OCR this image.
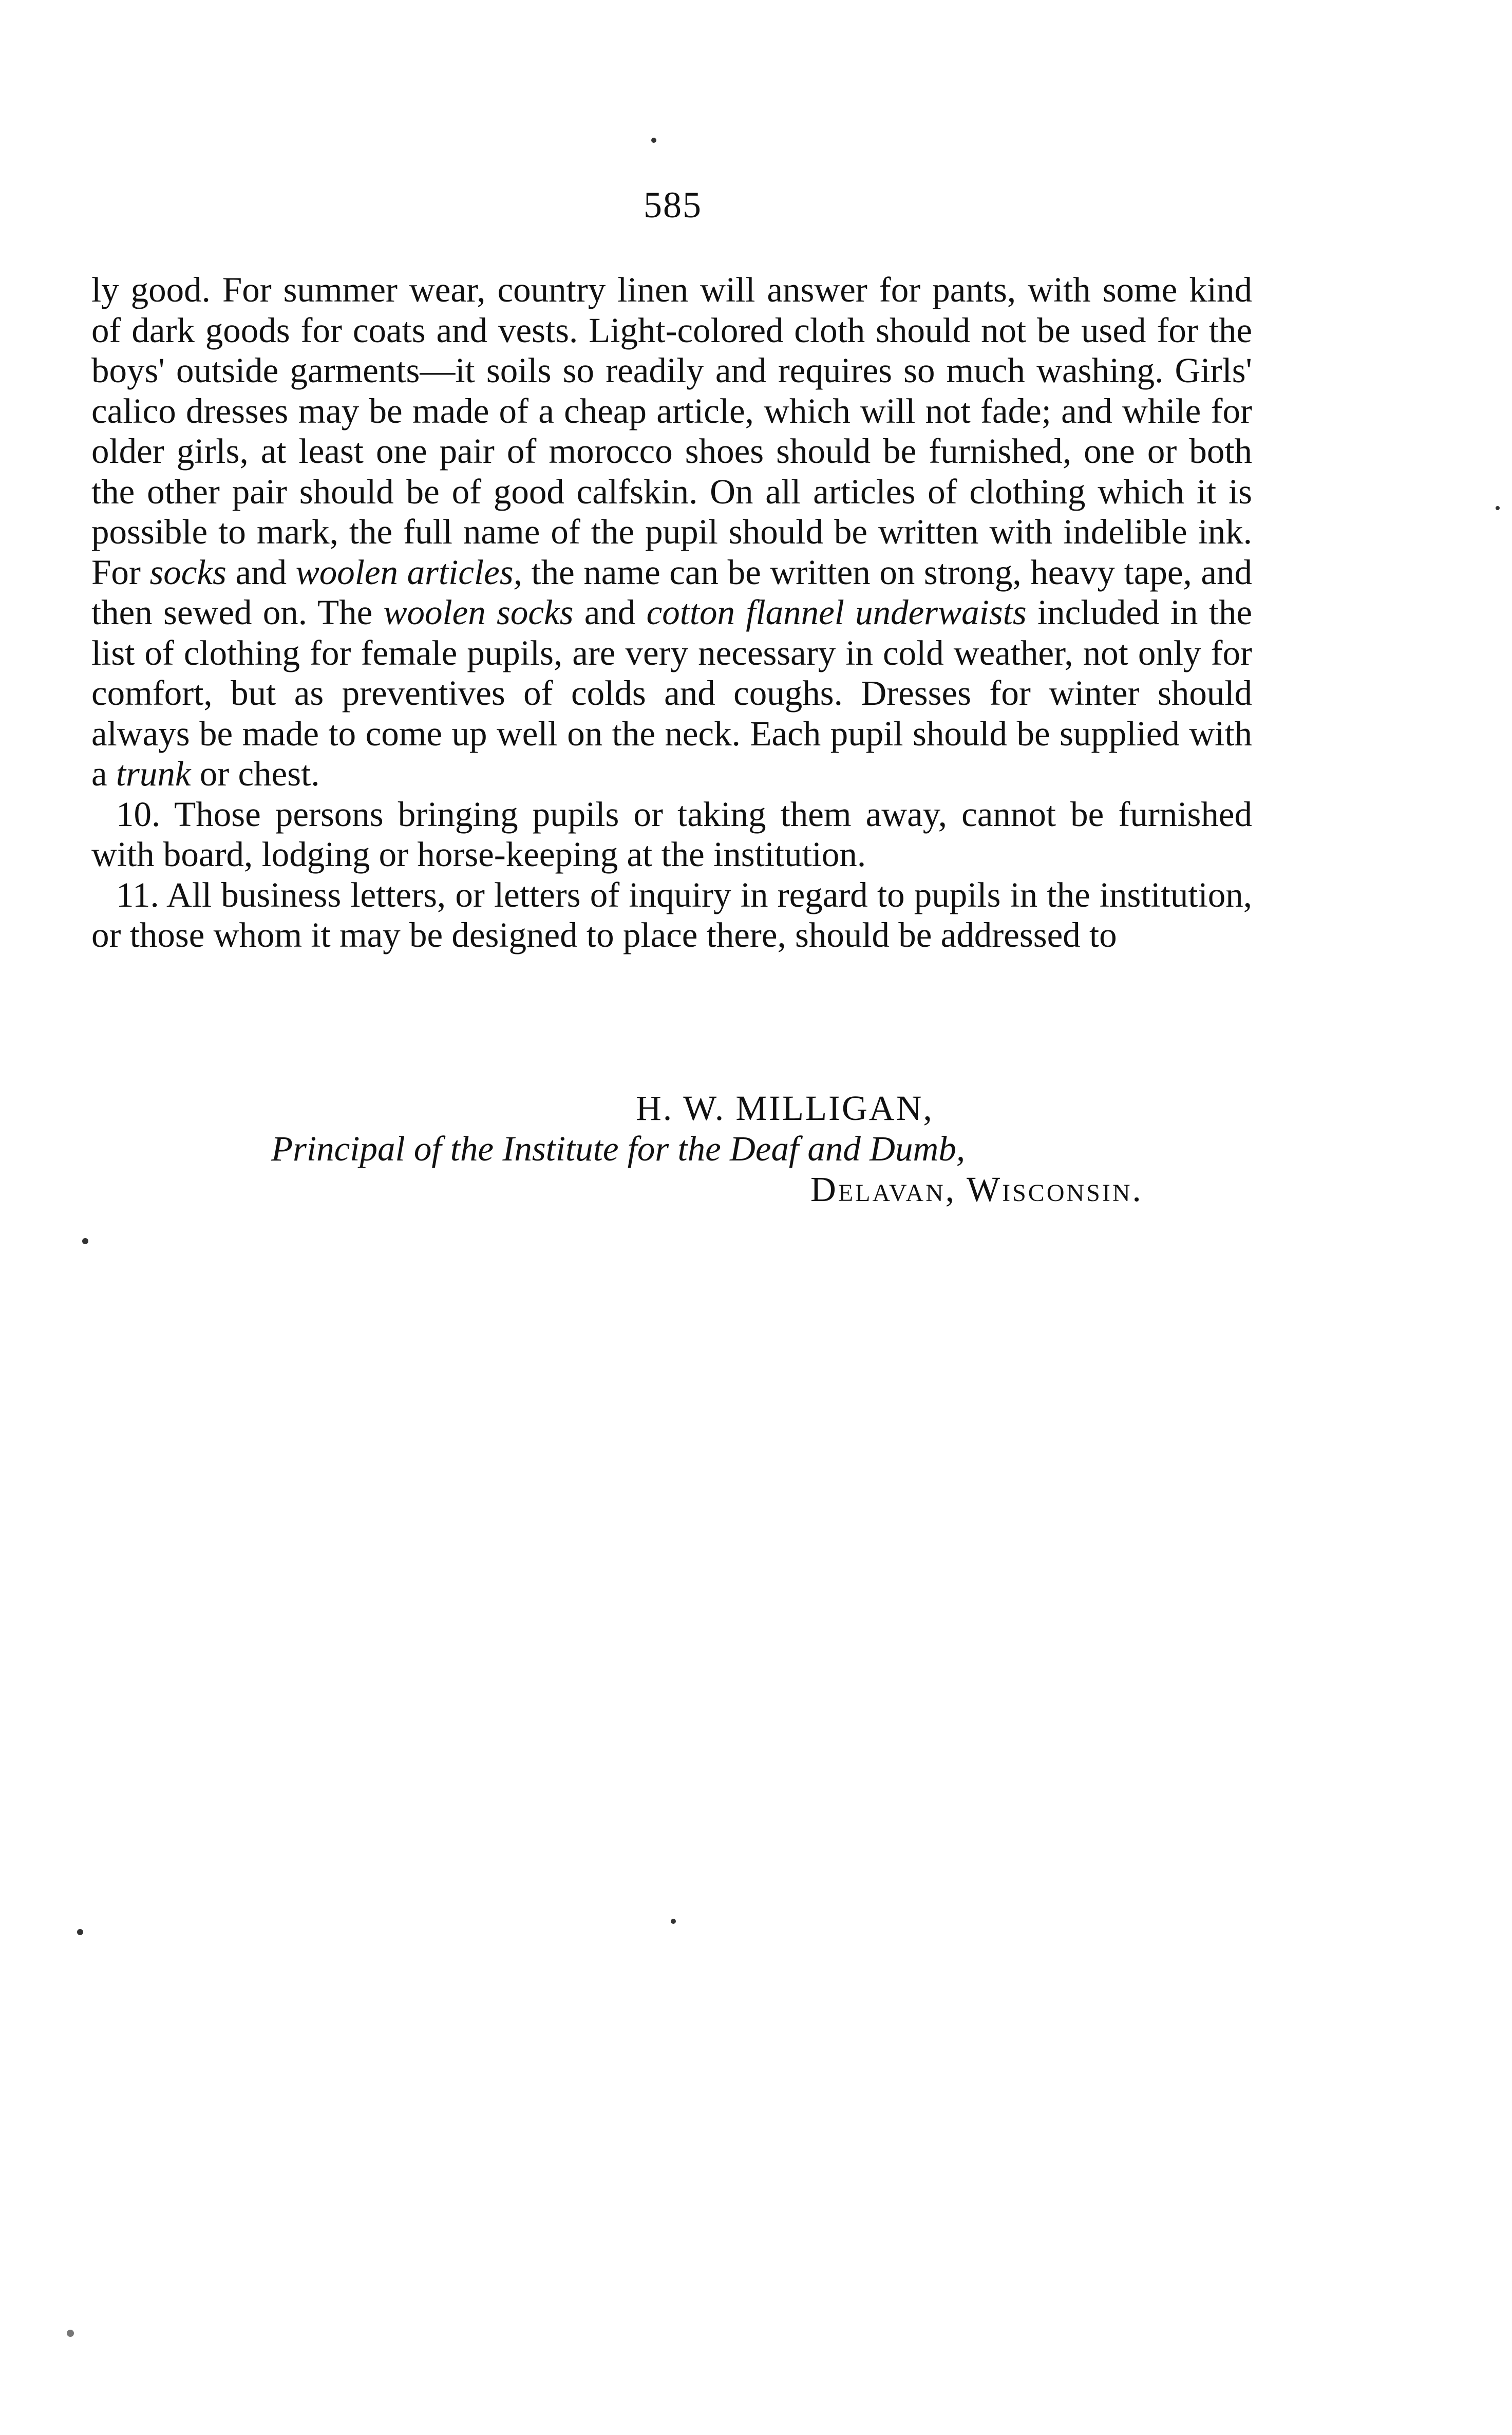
585

ly good. For summer wear, country linen will answer for pants, with some kind of dark goods for coats and vests. Light-colored cloth should not be used for the boys' outside garments—it soils so readily and requires so much washing. Girls' calico dresses may be made of a cheap article, which will not fade; and while for older girls, at least one pair of morocco shoes should be furnished, one or both the other pair should be of good calfskin. On all articles of clothing which it is possible to mark, the full name of the pupil should be written with indelible ink. For socks and woolen articles, the name can be written on strong, heavy tape, and then sewed on. The woolen socks and cotton flannel underwaists included in the list of clothing for female pupils, are very necessary in cold weather, not only for comfort, but as preventives of colds and coughs. Dresses for winter should always be made to come up well on the neck. Each pupil should be supplied with a trunk or chest.

10. Those persons bringing pupils or taking them away, cannot be furnished with board, lodging or horse-keeping at the institution.

11. All business letters, or letters of inquiry in regard to pupils in the institution, or those whom it may be designed to place there, should be addressed to

H. W. MILLIGAN,
Principal of the Institute for the Deaf and Dumb,
Delavan, Wisconsin.
